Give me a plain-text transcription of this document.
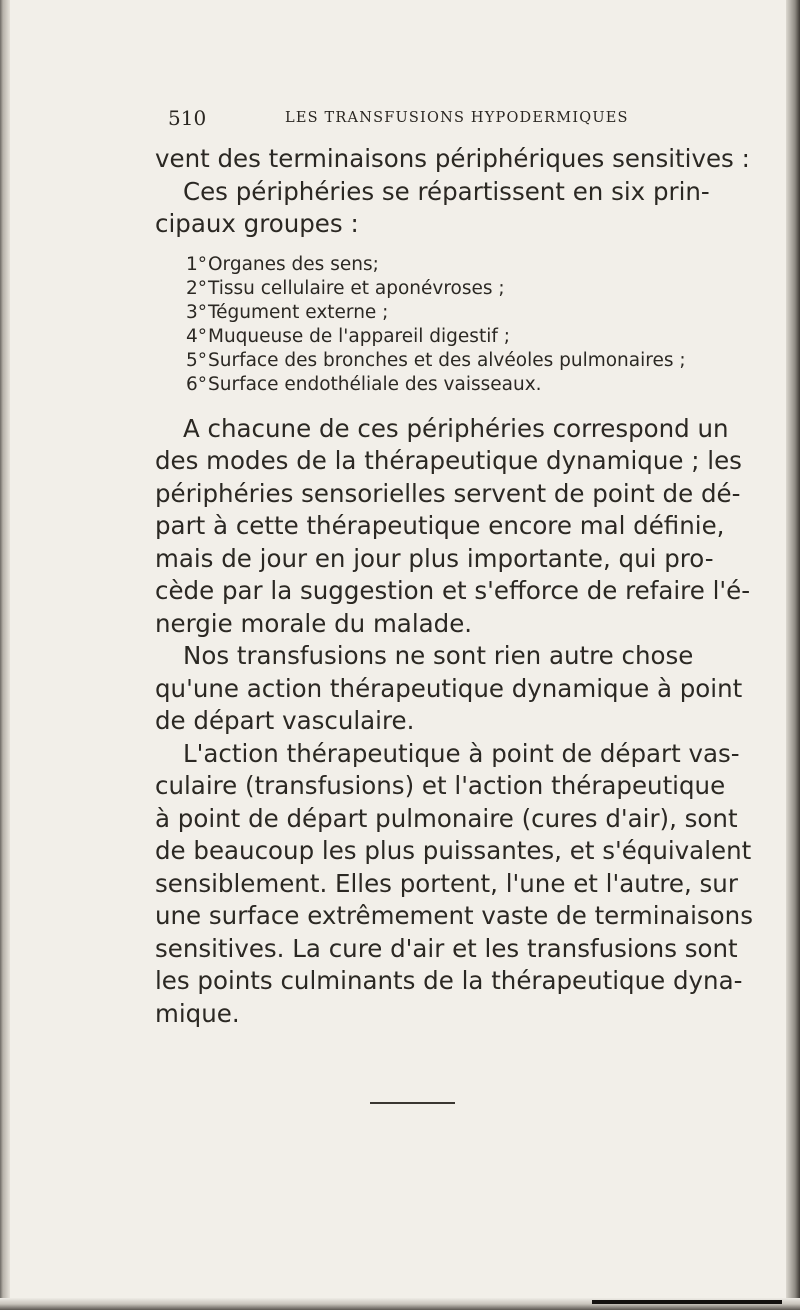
510	LES TRANSFUSIONS HYPODERMIQUES
vent des terminaisons périphériques sensitives :
Ces périphéries se répartissent en six prin-
cipaux groupes :
1°Organes des sens;
2°Tissu cellulaire et aponévroses ;
3°Tégument externe ;
4°Muqueuse de l'appareil digestif ;
5°Surface des bronches et des alvéoles pulmonaires ;
6°Surface endothéliale des vaisseaux.
A chacune de ces périphéries correspond un
des modes de la thérapeutique dynamique ; les
périphéries sensorielles servent de point de dé-
part à cette thérapeutique encore mal définie,
mais de jour en jour plus importante, qui pro-
cède par la suggestion et s'efforce de refaire l'é-
nergie morale du malade.
Nos transfusions ne sont rien autre chose
qu'une action thérapeutique dynamique à point
de départ vasculaire.
L'action thérapeutique à point de départ vas-
culaire (transfusions) et l'action thérapeutique
à point de départ pulmonaire (cures d'air), sont
de beaucoup les plus puissantes, et s'équivalent
sensiblement. Elles portent, l'une et l'autre, sur
une surface extrêmement vaste de terminaisons
sensitives. La cure d'air et les transfusions sont
les points culminants de la thérapeutique dyna-
mique.
